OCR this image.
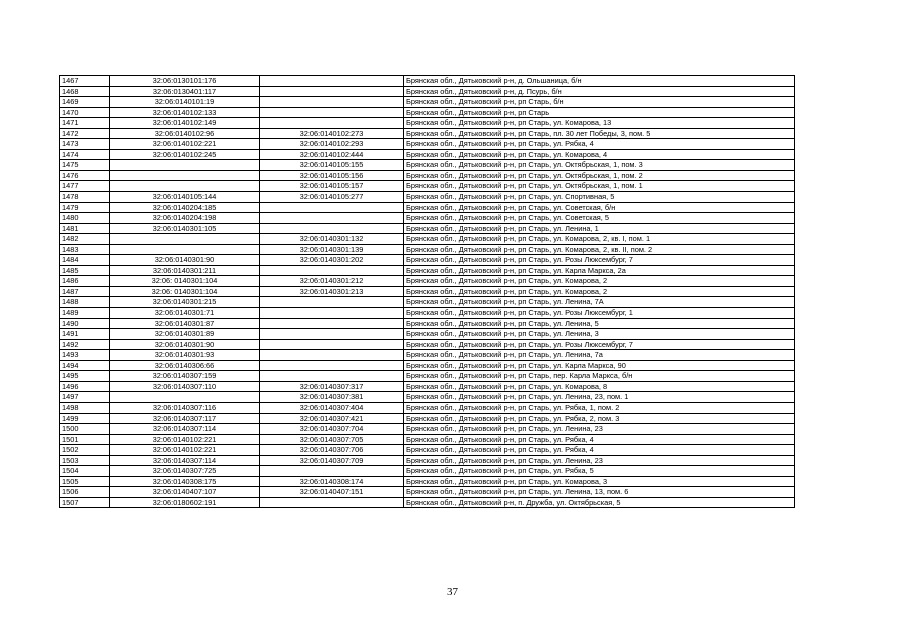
1467	32:06:0130101:176		Брянская обл., Дятьковский р-н, д. Ольшаница, б/н
1468	32:06:0130401:117		Брянская обл., Дятьковский р-н, д. Псурь, б/н
1469	32:06:0140101:19		Брянская обл., Дятьковский р-н, рп Старь, б/н
1470	32:06:0140102:133		Брянская обл., Дятьковский р-н, рп Старь
1471	32:06:0140102:149		Брянская обл., Дятьковский р-н, рп Старь, ул. Комарова, 13
1472	32:06:0140102:96	32:06:0140102:273	Брянская обл., Дятьковский р-н, рп Старь, пл. 30 лет Победы, 3, пом. 5
1473	32:06:0140102:221	32:06:0140102:293	Брянская обл., Дятьковский р-н, рп Старь, ул. Рябка, 4
1474	32:06:0140102:245	32:06:0140102:444	Брянская обл., Дятьковский р-н, рп Старь, ул. Комарова, 4
1475		32:06:0140105:155	Брянская обл., Дятьковский р-н, рп Старь, ул. Октябрьская, 1, пом. 3
1476		32:06:0140105:156	Брянская обл., Дятьковский р-н, рп Старь, ул. Октябрьская, 1, пом. 2
1477		32:06:0140105:157	Брянская обл., Дятьковский р-н, рп Старь, ул. Октябрьская, 1, пом. 1
1478	32:06:0140105:144	32:06:0140105:277	Брянская обл., Дятьковский р-н, рп Старь, ул. Спортивная, 5
1479	32:06:0140204:185		Брянская обл., Дятьковский р-н, рп Старь, ул. Советская, б/н
1480	32:06:0140204:198		Брянская обл., Дятьковский р-н, рп Старь, ул. Советская, 5
1481	32:06:0140301:105		Брянская обл., Дятьковский р-н, рп Старь, ул. Ленина, 1
1482		32:06:0140301:132	Брянская обл., Дятьковский р-н, рп Старь, ул. Комарова, 2, кв. I, пом. 1
1483		32:06:0140301:139	Брянская обл., Дятьковский р-н, рп Старь, ул. Комарова, 2, кв. II, пом. 2
1484	32:06:0140301:90	32:06:0140301:202	Брянская обл., Дятьковский р-н, рп Старь, ул. Розы Люксембург, 7
1485	32:06:0140301:211		Брянская обл., Дятьковский р-н, рп Старь, ул. Карла Маркса, 2а
1486	32:06: 0140301:104	32:06:0140301:212	Брянская обл., Дятьковский р-н, рп Старь, ул. Комарова, 2
1487	32:06: 0140301:104	32:06:0140301:213	Брянская обл., Дятьковский р-н, рп Старь, ул. Комарова, 2
1488	32:06:0140301:215		Брянская обл., Дятьковский р-н, рп Старь, ул. Ленина, 7А
1489	32:06:0140301:71		Брянская обл., Дятьковский р-н, рп Старь, ул. Розы Люксембург, 1
1490	32:06:0140301:87		Брянская обл., Дятьковский р-н, рп Старь, ул. Ленина, 5
1491	32:06:0140301:89		Брянская обл., Дятьковский р-н, рп Старь, ул. Ленина, 3
1492	32:06:0140301:90		Брянская обл., Дятьковский р-н, рп Старь, ул. Розы Люксембург, 7
1493	32:06:0140301:93		Брянская обл., Дятьковский р-н, рп Старь, ул. Ленина, 7а
1494	32:06:0140306:66		Брянская обл., Дятьковский р-н, рп Старь, ул. Карла Маркса, 90
1495	32:06:0140307:159		Брянская обл., Дятьковский р-н, рп Старь, пер. Карла Маркса, б/н
1496	32:06:0140307:110	32:06:0140307:317	Брянская обл., Дятьковский р-н, рп Старь, ул. Комарова, 8
1497		32:06:0140307:381	Брянская обл., Дятьковский р-н, рп Старь, ул. Ленина, 23, пом. 1
1498	32:06:0140307:116	32:06:0140307:404	Брянская обл., Дятьковский р-н, рп Старь, ул. Рябка, 1, пом. 2
1499	32:06:0140307:117	32:06:0140307:421	Брянская обл., Дятьковский р-н, рп Старь, ул. Рябка, 2, пом. 3
1500	32:06:0140307:114	32:06:0140307:704	Брянская обл., Дятьковский р-н, рп Старь, ул. Ленина, 23
1501	32:06:0140102:221	32:06:0140307:705	Брянская обл., Дятьковский р-н, рп Старь, ул. Рябка, 4
1502	32:06:0140102:221	32:06:0140307:706	Брянская обл., Дятьковский р-н, рп Старь, ул. Рябка, 4
1503	32:06:0140307:114	32:06:0140307:709	Брянская обл., Дятьковский р-н, рп Старь, ул. Ленина, 23
1504	32:06:0140307:725		Брянская обл., Дятьковский р-н, рп Старь, ул. Рябка, 5
1505	32:06:0140308:175	32:06:0140308:174	Брянская обл., Дятьковский р-н, рп Старь, ул. Комарова, 3
1506	32:06:0140407:107	32:06:0140407:151	Брянская обл., Дятьковский р-н, рп Старь, ул. Ленина, 13, пом. 6
1507	32:06:0180602:191		Брянская обл., Дятьковский р-н, п. Дружба, ул. Октябрьская, 5
37
